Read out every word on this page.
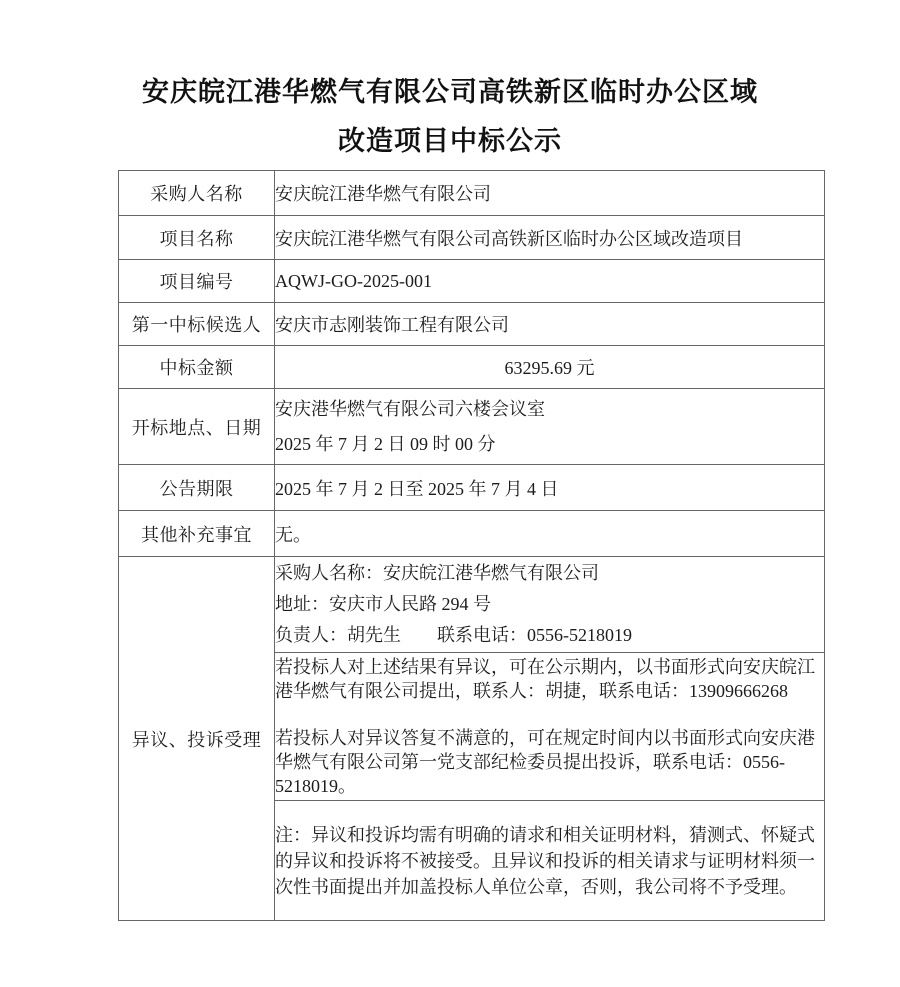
安庆皖江港华燃气有限公司高铁新区临时办公区域
改造项目中标公示
采购人名称	安庆皖江港华燃气有限公司
项目名称	安庆皖江港华燃气有限公司高铁新区临时办公区域改造项目
项目编号	AQWJ-GO-2025-001
第一中标候选人	安庆市志刚装饰工程有限公司
中标金额	63295.69 元
开标地点、日期	安庆港华燃气有限公司六楼会议室
2025 年 7 月 2 日 09 时 00 分

公告期限	2025 年 7 月 2 日至 2025 年 7 月 4 日
其他补充事宜	无。
异议、投诉受理	采购人名称：安庆皖江港华燃气有限公司
地址：安庆市人民路 294 号
负责人：胡先生　　联系电话：0556-5218019

	若投标人对上述结果有异议，可在公示期内，以书面形式向安庆皖江港华燃气有限公司提出，联系人：胡捷，联系电话：13909666268

若投标人对异议答复不满意的，可在规定时间内以书面形式向安庆港华燃气有限公司第一党支部纪检委员提出投诉，联系电话：0556-5218019。

	注：异议和投诉均需有明确的请求和相关证明材料，猜测式、怀疑式的异议和投诉将不被接受。且异议和投诉的相关请求与证明材料须一次性书面提出并加盖投标人单位公章，否则，我公司将不予受理。
